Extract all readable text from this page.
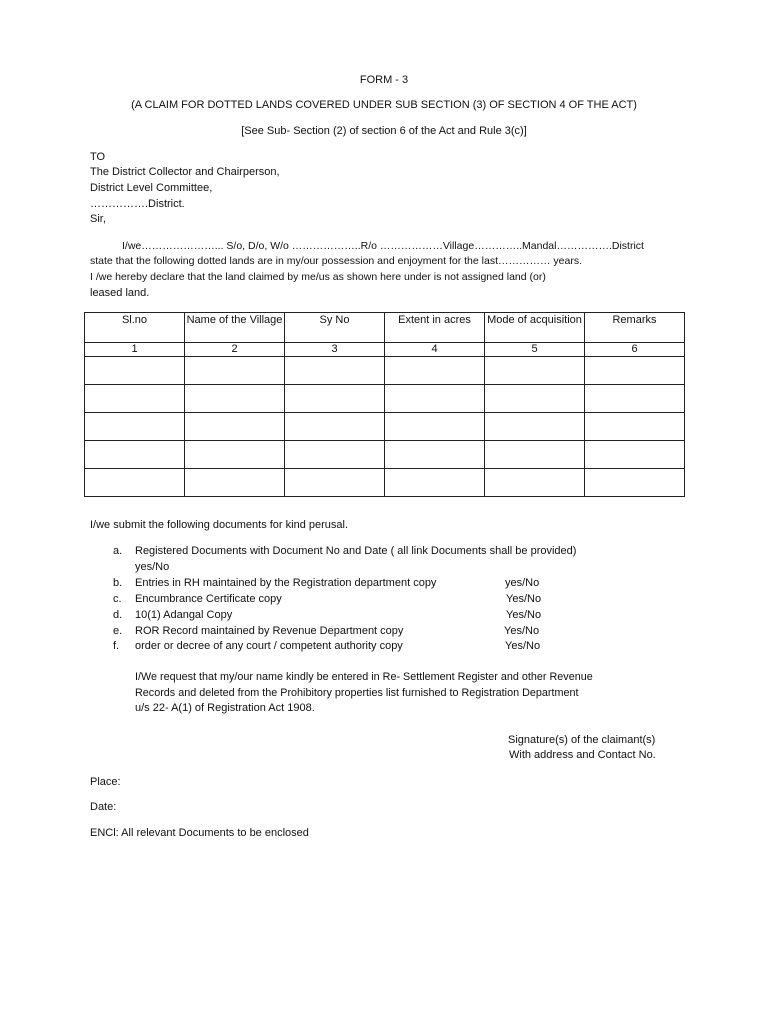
FORM - 3
(A CLAIM FOR DOTTED LANDS COVERED UNDER SUB SECTION (3) OF SECTION 4 OF THE ACT)
[See Sub- Section (2) of section 6 of the Act and Rule 3(c)]
TO
The District Collector and Chairperson,
District Level Committee,
…………….District.
Sir,
I/we…………………... S/o, D/o, W/o ………………..R/o ………………Village…………..Mandal…………….District
state that the following dotted lands are in my/our possession and enjoyment for the last…………… years.
I /we hereby declare that the land claimed by me/us as shown here under is not assigned land (or)
leased land.
Sl.no	Name of the Village	Sy No	Extent in acres	Mode of acquisition	Remarks
1	2	3	4	5	6

I/we submit the following documents for kind perusal.
a. Registered Documents with Document No and Date ( all link Documents shall be provided)
yes/No
b. Entries in RH maintained by the Registration department copy	yes/No
c. Encumbrance Certificate copy	Yes/No
d. 10(1) Adangal Copy	Yes/No
e. ROR Record maintained by Revenue Department copy	Yes/No
f. order or decree of any court / competent authority copy	Yes/No
I/We request that my/our name kindly be entered in Re- Settlement Register and other Revenue
Records and deleted from the Prohibitory properties list furnished to Registration Department
u/s 22- A(1) of Registration Act 1908.
Signature(s) of the claimant(s)
With address and Contact No.
Place:
Date:
ENCl: All relevant Documents to be enclosed
